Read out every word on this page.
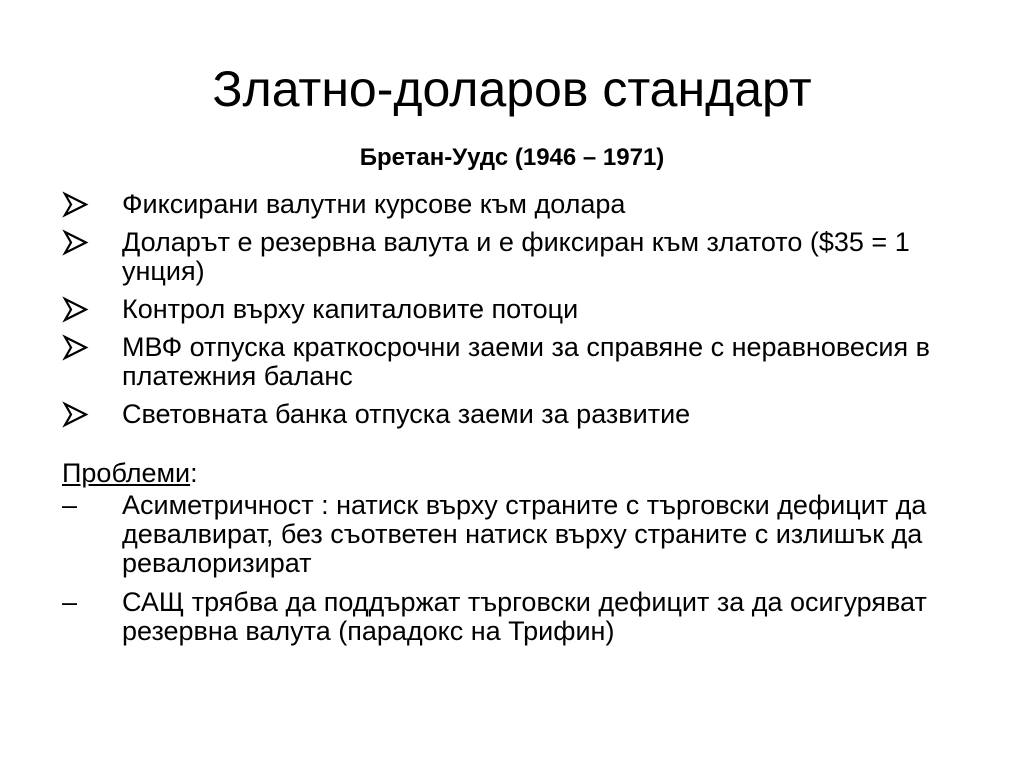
Златно-доларов стандарт
Бретан-Уудс (1946 – 1971)
Фиксирани валутни курсове към долара
Доларът е резервна валута и е фиксиран към златото ($35 = 1 унция)
Контрол върху капиталовите потоци
МВФ отпуска краткосрочни заеми за справяне с неравновесия в платежния баланс
Световната банка отпуска заеми за развитие

Проблеми:

– Асиметричност : натиск върху страните с търговски дефицит да девалвират, без съответен натиск върху страните с излишък да ревалоризират
– САЩ трябва да поддържат търговски дефицит за да осигуряват резервна валута (парадокс на Трифин)
